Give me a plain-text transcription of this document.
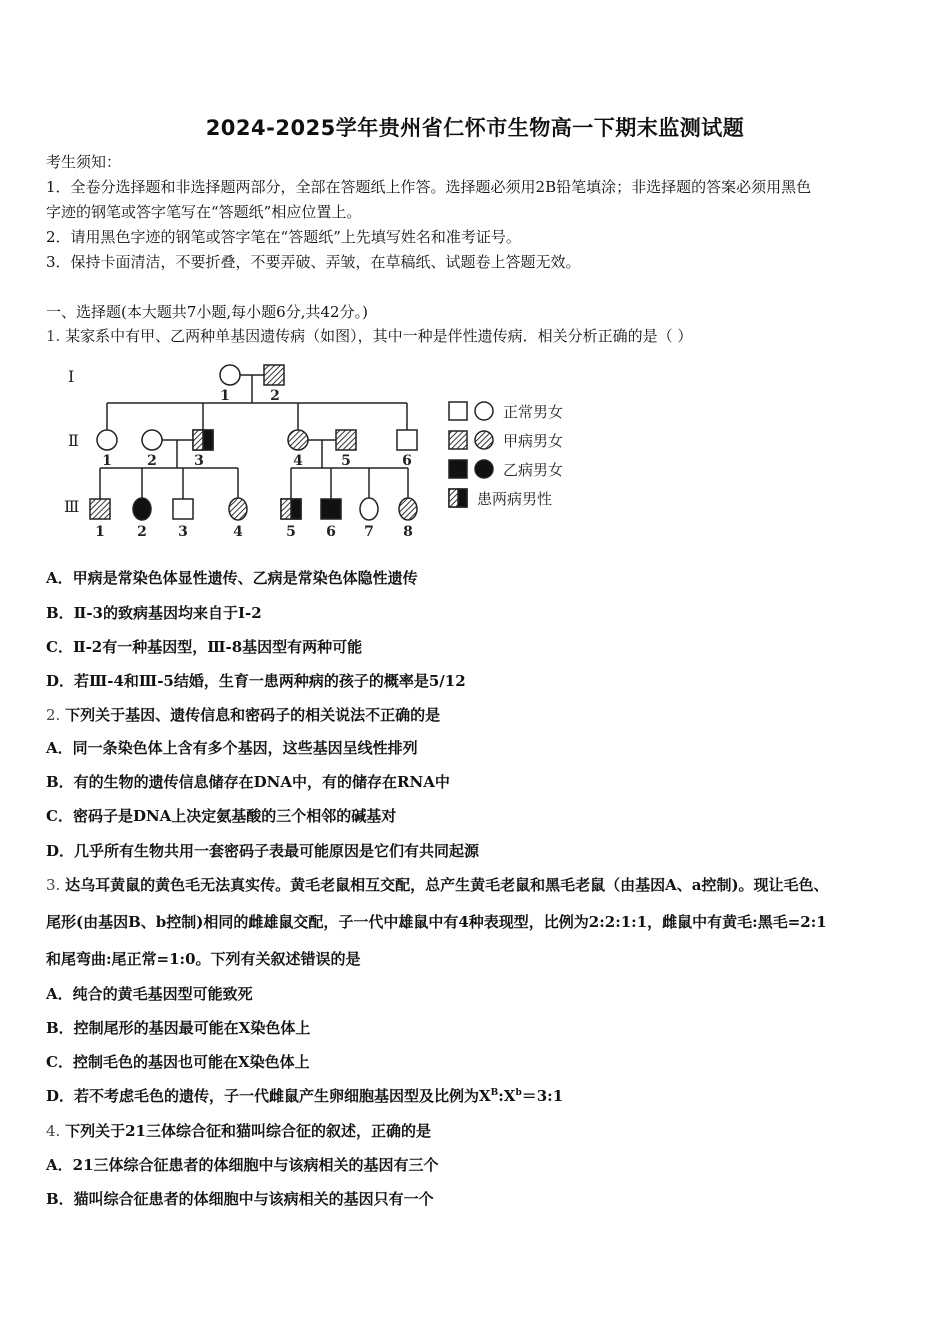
2024-2025学年贵州省仁怀市生物高一下期末监测试题
考生须知：
1．全卷分选择题和非选择题两部分，全部在答题纸上作答。选择题必须用2B铅笔填涂；非选择题的答案必须用黑色
字迹的钢笔或答字笔写在“答题纸”相应位置上。
2．请用黑色字迹的钢笔或答字笔在“答题纸”上先填写姓名和准考证号。
3．保持卡面清洁，不要折叠，不要弄破、弄皱，在草稿纸、试题卷上答题无效。
一、选择题(本大题共7小题,每小题6分,共42分。)
1. 某家系中有甲、乙两种单基因遗传病（如图），其中一种是伴性遗传病．相关分析正确的是（ ）
Ⅰ
Ⅱ
Ⅲ
1	2
1	2	3	4	5	6
1 2 3	4	5 6 7 8
正常男女
甲病男女
乙病男女
患两病男性
A．甲病是常染色体显性遗传、乙病是常染色体隐性遗传
B．Ⅱ-3的致病基因均来自于Ⅰ-2
C．Ⅱ-2有一种基因型，Ⅲ-8基因型有两种可能
D．若Ⅲ-4和Ⅲ-5结婚，生育一患两种病的孩子的概率是5/12
2. 下列关于基因、遗传信息和密码子的相关说法不正确的是
A．同一条染色体上含有多个基因，这些基因呈线性排列
B．有的生物的遗传信息储存在DNA中，有的储存在RNA中
C．密码子是DNA上决定氨基酸的三个相邻的碱基对
D．几乎所有生物共用一套密码子表最可能原因是它们有共同起源
3. 达乌耳黄鼠的黄色毛无法真实传。黄毛老鼠相互交配，总产生黄毛老鼠和黑毛老鼠（由基因A、a控制)。现让毛色、
尾形(由基因B、b控制)相同的雌雄鼠交配，子一代中雄鼠中有4种表现型，比例为2:2:1:1，雌鼠中有黄毛:黑毛=2:1
和尾弯曲:尾正常=1:0。下列有关叙述错误的是
A．纯合的黄毛基因型可能致死
B．控制尾形的基因最可能在X染色体上
C．控制毛色的基因也可能在X染色体上
D．若不考虑毛色的遗传，子一代雌鼠产生卵细胞基因型及比例为$X^B:X^b=3:1$
4. 下列关于21三体综合征和猫叫综合征的叙述，正确的是
A．21三体综合征患者的体细胞中与该病相关的基因有三个
B．猫叫综合征患者的体细胞中与该病相关的基因只有一个
